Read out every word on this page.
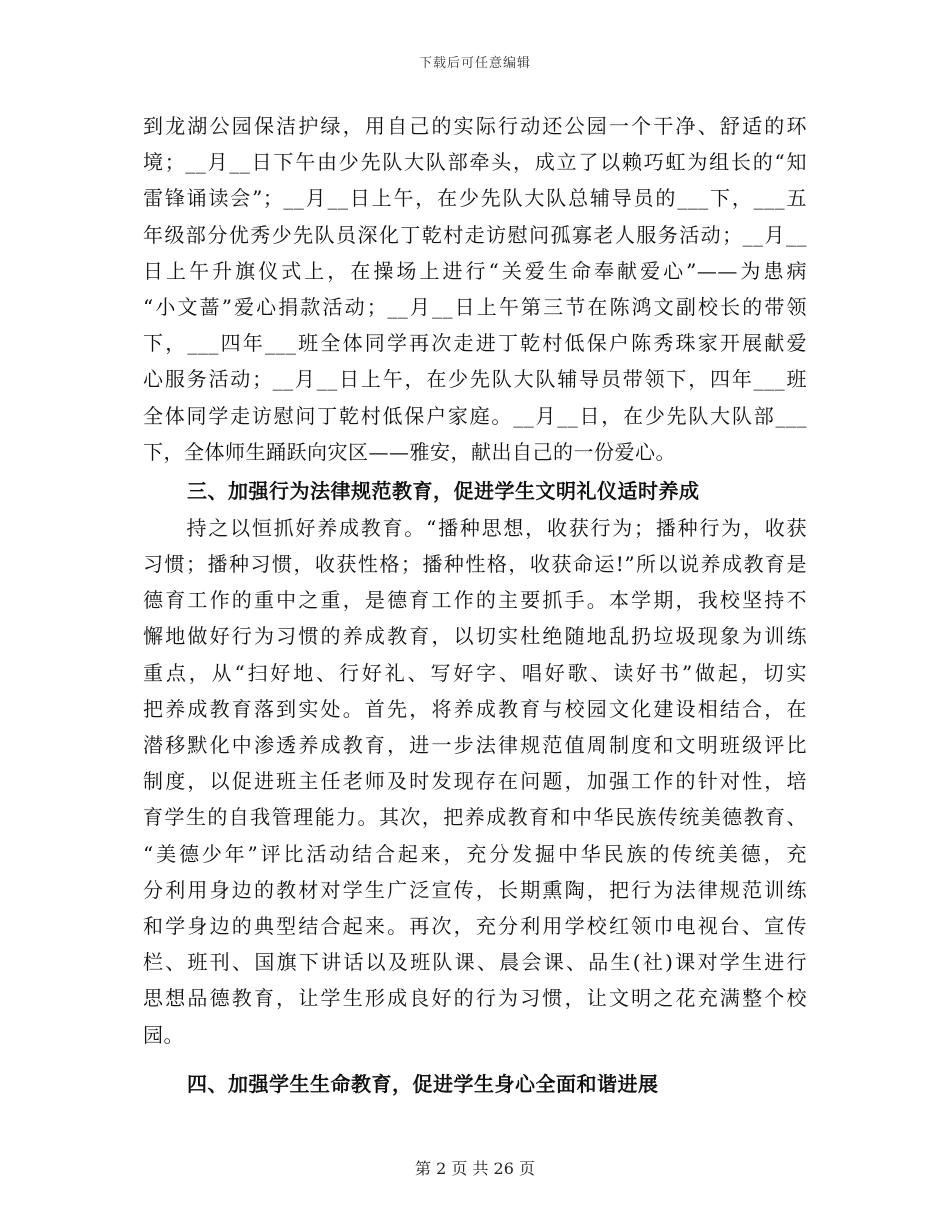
下载后可任意编辑
到龙湖公园保洁护绿，用自己的实际行动还公园一个干净、舒适的环
境；__月__日下午由少先队大队部牵头，成立了以赖巧虹为组长的“知
雷锋诵读会”；__月__日上午，在少先队大队总辅导员的___下，___五
年级部分优秀少先队员深化丁乾村走访慰问孤寡老人服务活动；__月__
日上午升旗仪式上，在操场上进行“关爱生命奉献爱心”——为患病
“小文蔷”爱心捐款活动；__月__日上午第三节在陈鸿文副校长的带领
下，___四年___班全体同学再次走进丁乾村低保户陈秀珠家开展献爱
心服务活动；__月__日上午，在少先队大队辅导员带领下，四年___班
全体同学走访慰问丁乾村低保户家庭。__月__日，在少先队大队部___
下，全体师生踊跃向灾区——雅安，献出自己的一份爱心。
三、加强行为法律规范教育，促进学生文明礼仪适时养成
　　持之以恒抓好养成教育。“播种思想，收获行为；播种行为，收获
习惯；播种习惯，收获性格；播种性格，收获命运!”所以说养成教育是
德育工作的重中之重，是德育工作的主要抓手。本学期，我校坚持不
懈地做好行为习惯的养成教育，以切实杜绝随地乱扔垃圾现象为训练
重点，从“扫好地、行好礼、写好字、唱好歌、读好书”做起，切实
把养成教育落到实处。首先，将养成教育与校园文化建设相结合，在
潜移默化中渗透养成教育，进一步法律规范值周制度和文明班级评比
制度，以促进班主任老师及时发现存在问题，加强工作的针对性，培
育学生的自我管理能力。其次，把养成教育和中华民族传统美德教育、
“美德少年”评比活动结合起来，充分发掘中华民族的传统美德，充
分利用身边的教材对学生广泛宣传，长期熏陶，把行为法律规范训练
和学身边的典型结合起来。再次，充分利用学校红领巾电视台、宣传
栏、班刊、国旗下讲话以及班队课、晨会课、品生(社)课对学生进行
思想品德教育，让学生形成良好的行为习惯，让文明之花充满整个校
园。
四、加强学生生命教育，促进学生身心全面和谐进展
第 2 页 共 26 页
